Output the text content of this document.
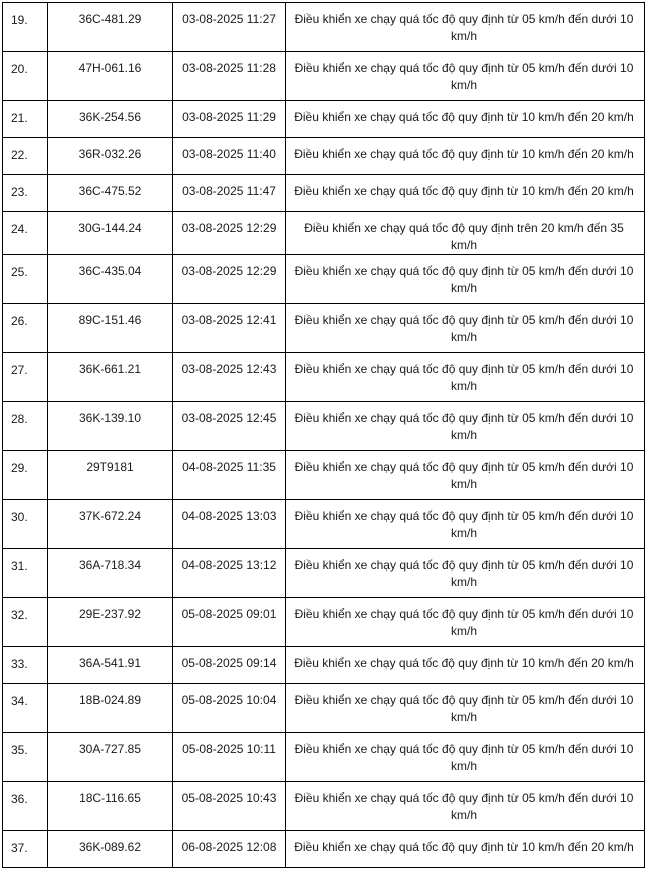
19.	36C-481.29	03-08-2025 11:27	Điều khiển xe chạy quá tốc độ quy định từ 05 km/h đến dưới 10 km/h

20.	47H-061.16	03-08-2025 11:28	Điều khiển xe chạy quá tốc độ quy định từ 05 km/h đến dưới 10 km/h

21.	36K-254.56	03-08-2025 11:29	Điều khiển xe chạy quá tốc độ quy định từ 10 km/h đến 20 km/h

22.	36R-032.26	03-08-2025 11:40	Điều khiển xe chạy quá tốc độ quy định từ 10 km/h đến 20 km/h

23.	36C-475.52	03-08-2025 11:47	Điều khiển xe chạy quá tốc độ quy định từ 10 km/h đến 20 km/h

24.	30G-144.24	03-08-2025 12:29	Điều khiển xe chạy quá tốc độ quy định trên 20 km/h đến 35 km/h

25.	36C-435.04	03-08-2025 12:29	Điều khiển xe chạy quá tốc độ quy định từ 05 km/h đến dưới 10 km/h

26.	89C-151.46	03-08-2025 12:41	Điều khiển xe chạy quá tốc độ quy định từ 05 km/h đến dưới 10 km/h

27.	36K-661.21	03-08-2025 12:43	Điều khiển xe chạy quá tốc độ quy định từ 05 km/h đến dưới 10 km/h

28.	36K-139.10	03-08-2025 12:45	Điều khiển xe chạy quá tốc độ quy định từ 05 km/h đến dưới 10 km/h

29.	29T9181	04-08-2025 11:35	Điều khiển xe chạy quá tốc độ quy định từ 05 km/h đến dưới 10 km/h

30.	37K-672.24	04-08-2025 13:03	Điều khiển xe chạy quá tốc độ quy định từ 05 km/h đến dưới 10 km/h

31.	36A-718.34	04-08-2025 13:12	Điều khiển xe chạy quá tốc độ quy định từ 05 km/h đến dưới 10 km/h

32.	29E-237.92	05-08-2025 09:01	Điều khiển xe chạy quá tốc độ quy định từ 05 km/h đến dưới 10 km/h

33.	36A-541.91	05-08-2025 09:14	Điều khiển xe chạy quá tốc độ quy định từ 10 km/h đến 20 km/h

34.	18B-024.89	05-08-2025 10:04	Điều khiển xe chạy quá tốc độ quy định từ 05 km/h đến dưới 10 km/h

35.	30A-727.85	05-08-2025 10:11	Điều khiển xe chạy quá tốc độ quy định từ 05 km/h đến dưới 10 km/h

36.	18C-116.65	05-08-2025 10:43	Điều khiển xe chạy quá tốc độ quy định từ 05 km/h đến dưới 10 km/h

37.	36K-089.62	06-08-2025 12:08	Điều khiển xe chạy quá tốc độ quy định từ 10 km/h đến 20 km/h
